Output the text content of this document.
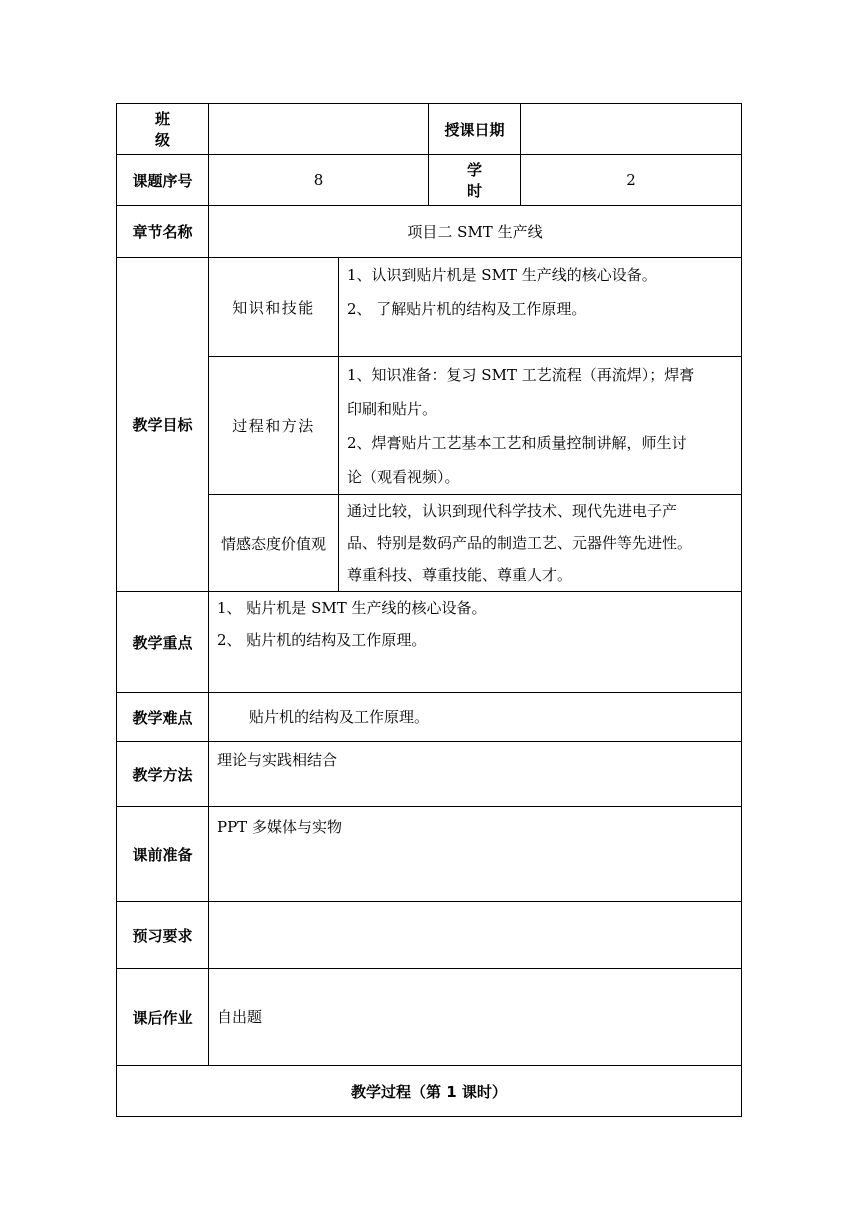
班级			授课日期	
课题序号	8		学时	2
章节名称	项目二 SMT 生产线			
教学目标	知识和技能	1、认识到贴片机是 SMT 生产线的核心设备。
2、 了解贴片机的结构及工作原理。		

	过程和方法	1、知识准备：复习 SMT 工艺流程（再流焊）；焊膏
印刷和贴片。
2、焊膏贴片工艺基本工艺和质量控制讲解，师生讨
论（观看视频）。		

	情感态度价值观	通过比较，认识到现代科学技术、现代先进电子产
品、特别是数码产品的制造工艺、元器件等先进性。
尊重科技、尊重技能、尊重人才。		

教学重点	1、 贴片机是 SMT 生产线的核心设备。
2、 贴片机的结构及工作原理。			

教学难点	贴片机的结构及工作原理。			
教学方法	理论与实践相结合			
课前准备	PPT 多媒体与实物			
预习要求				
课后作业	自出题			
教学过程（第 1 课时）				
